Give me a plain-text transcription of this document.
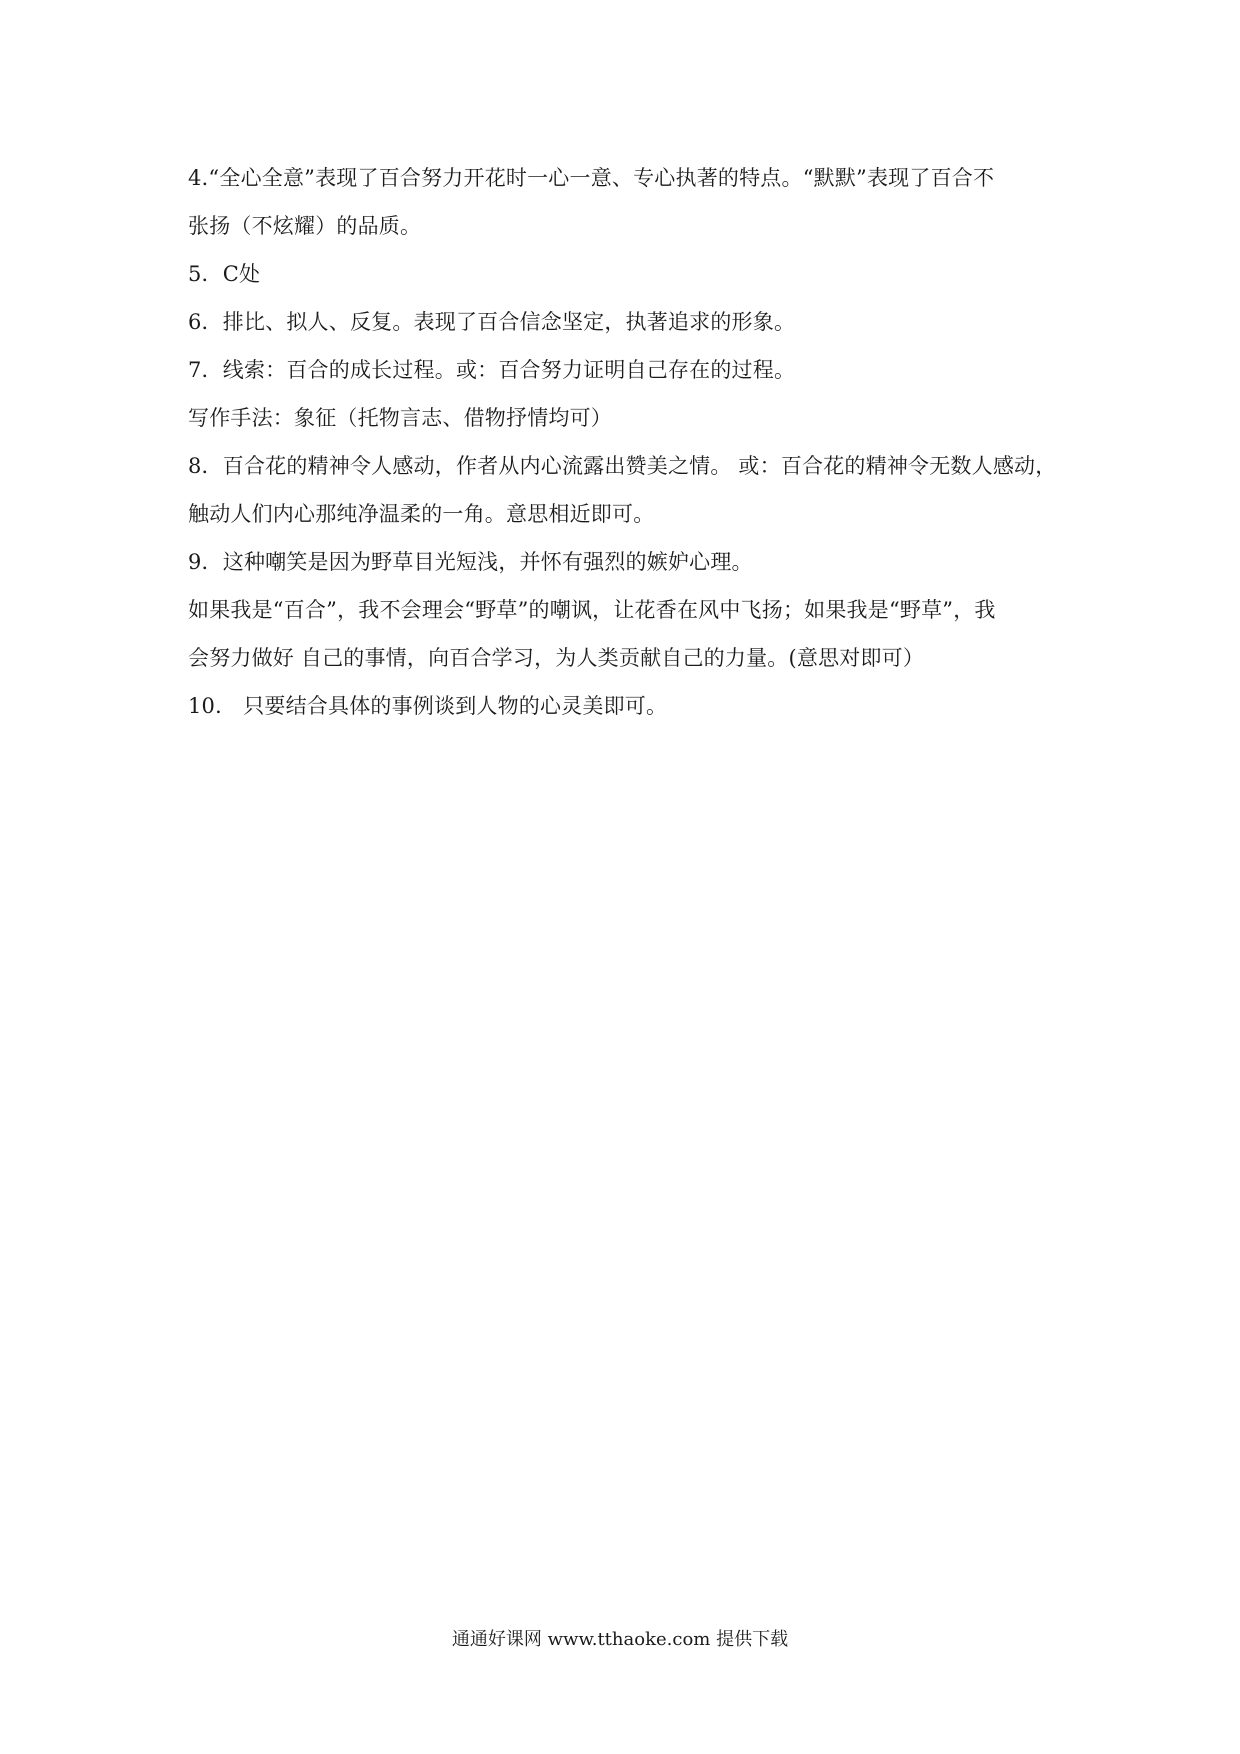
4.“全心全意”表现了百合努力开花时一心一意、专心执著的特点。“默默”表现了百合不
张扬（不炫耀）的品质。
5．C处
6．排比、拟人、反复。表现了百合信念坚定，执著追求的形象。
7．线索：百合的成长过程。或：百合努力证明自己存在的过程。
写作手法：象征（托物言志、借物抒情均可）
8．百合花的精神令人感动，作者从内心流露出赞美之情。 或：百合花的精神令无数人感动，
触动人们内心那纯净温柔的一角。意思相近即可。
9．这种嘲笑是因为野草目光短浅，并怀有强烈的嫉妒心理。
如果我是“百合”，我不会理会“野草”的嘲讽，让花香在风中飞扬；如果我是“野草”，我
会努力做好 自己的事情，向百合学习，为人类贡献自己的力量。(意思对即可）
10． 只要结合具体的事例谈到人物的心灵美即可。
通通好课网 www.tthaoke.com 提供下载
